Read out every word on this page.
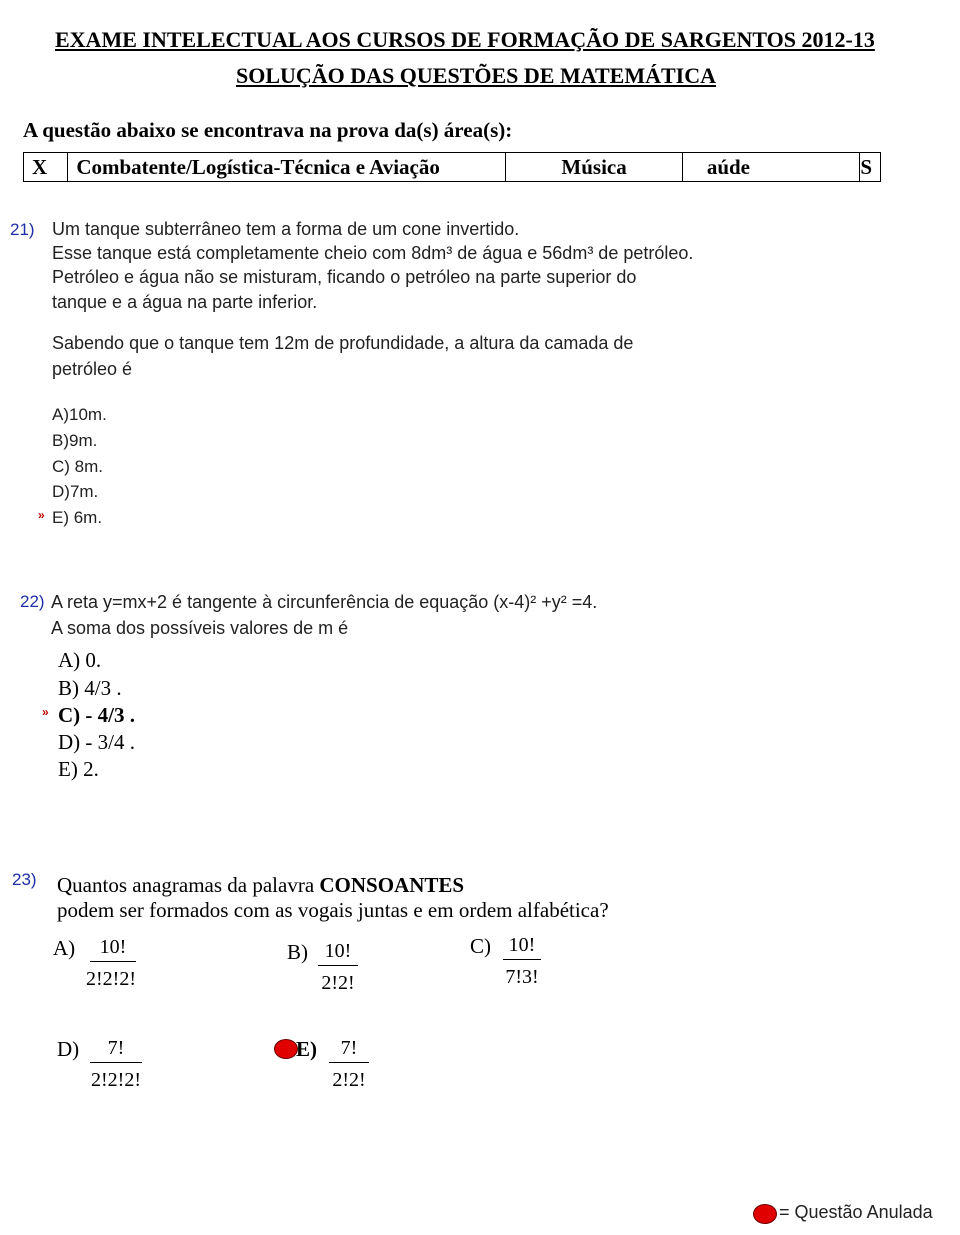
EXAME INTELECTUAL AOS CURSOS DE FORMAÇÃO DE SARGENTOS 2012-13
SOLUÇÃO DAS QUESTÕES DE MATEMÁTICA
A questão abaixo se encontrava na prova da(s) área(s):
X	Combatente/Logística-Técnica e Aviação	Música	aúde	S
21) Um tanque subterrâneo tem a forma de um cone invertido.
Esse tanque está completamente cheio com 8dm³ de água e 56dm³ de petróleo.
Petróleo e água não se misturam, ficando o petróleo na parte superior do
tanque e a água na parte inferior.
Sabendo que o tanque tem 12m de profundidade, a altura da camada de
petróleo é
A)10m.
B)9m.
C) 8m.
D)7m.
» E) 6m.
22) A reta y=mx+2 é tangente à circunferência de equação (x-4)² +y² =4.
A soma dos possíveis valores de m é
A) 0.
B) 4/3 .
» C) - 4/3 .
D) - 3/4 .
E) 2.
23) Quantos anagramas da palavra CONSOANTES
podem ser formados com as vogais juntas e em ordem alfabética?
$A) \frac{10!}{2!2!2!}$	$B) \frac{10!}{2!2!}$	$C) \frac{10!}{7!3!}$
$D) \frac{7!}{2!2!2!}$	$E) \frac{7!}{2!2!}$
= Questão Anulada
